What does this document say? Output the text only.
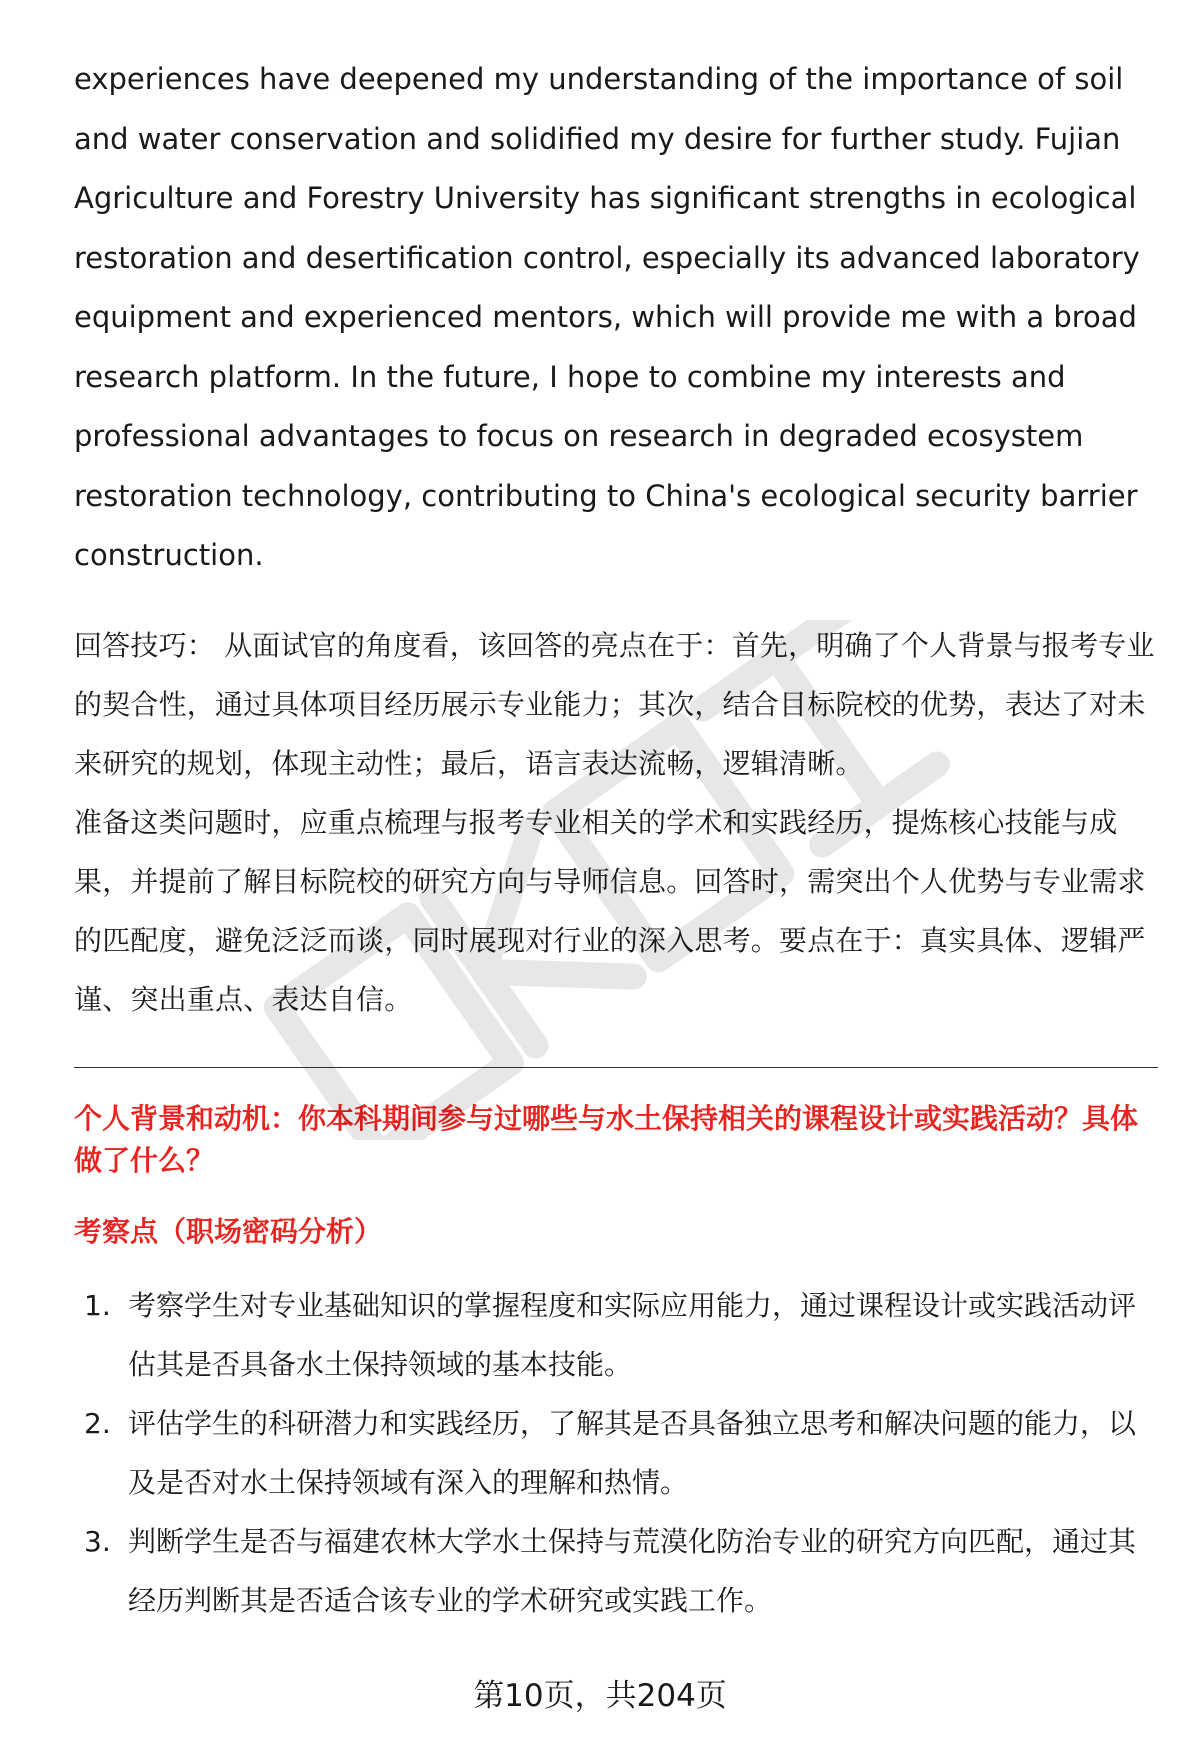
experiences have deepened my understanding of the importance of soil and water conservation and solidified my desire for further study. Fujian Agriculture and Forestry University has significant strengths in ecological restoration and desertification control, especially its advanced laboratory equipment and experienced mentors, which will provide me with a broad research platform. In the future, I hope to combine my interests and professional advantages to focus on research in degraded ecosystem restoration technology, contributing to China's ecological security barrier construction.

回答技巧： 从面试官的角度看，该回答的亮点在于：首先，明确了个人背景与报考专业的契合性，通过具体项目经历展示专业能力；其次，结合目标院校的优势，表达了对未来研究的规划，体现主动性；最后，语言表达流畅，逻辑清晰。

准备这类问题时，应重点梳理与报考专业相关的学术和实践经历，提炼核心技能与成果，并提前了解目标院校的研究方向与导师信息。回答时，需突出个人优势与专业需求的匹配度，避免泛泛而谈，同时展现对行业的深入思考。要点在于：真实具体、逻辑严谨、突出重点、表达自信。

个人背景和动机：你本科期间参与过哪些与水土保持相关的课程设计或实践活动？具体做了什么？
考察点（职场密码分析）
1. 考察学生对专业基础知识的掌握程度和实际应用能力，通过课程设计或实践活动评估其是否具备水土保持领域的基本技能。
2. 评估学生的科研潜力和实践经历，了解其是否具备独立思考和解决问题的能力，以及是否对水土保持领域有深入的理解和热情。
3. 判断学生是否与福建农林大学水土保持与荒漠化防治专业的研究方向匹配，通过其经历判断其是否适合该专业的学术研究或实践工作。
第10页，共204页
